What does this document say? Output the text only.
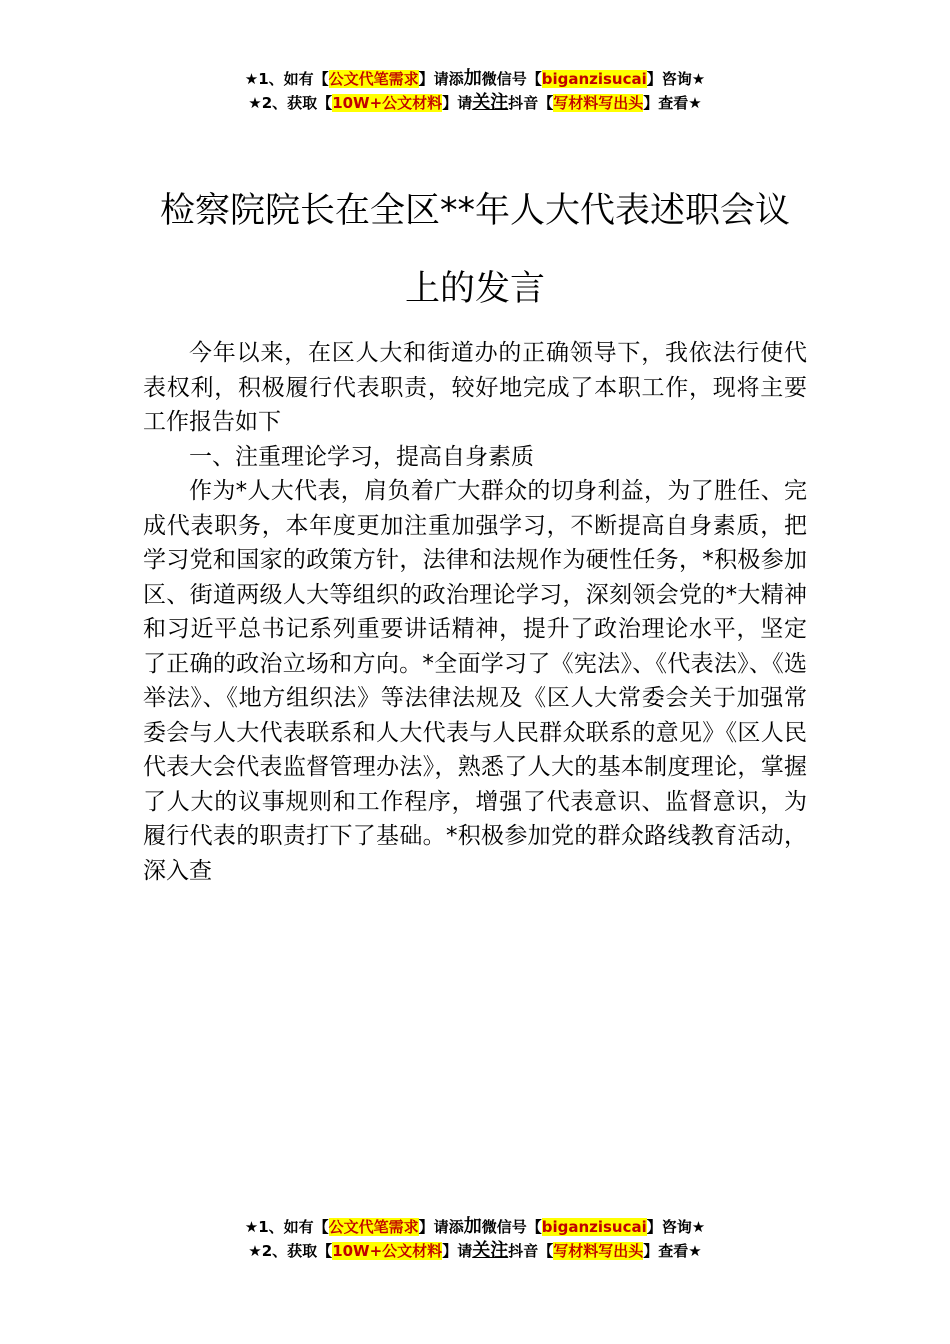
★1、如有【公文代笔需求】请添加微信号【biganzisucai】咨询★
★2、获取【10W+公文材料】请关注抖音【写材料写出头】查看★
检察院院长在全区**年人大代表述职会议
上的发言

今年以来，在区人大和街道办的正确领导下，我依法行使代表权利，积极履行代表职责，较好地完成了本职工作，现将主要工作报告如下

一、注重理论学习，提高自身素质

作为*人大代表，肩负着广大群众的切身利益，为了胜任、完成代表职务，本年度更加注重加强学习，不断提高自身素质，把学习党和国家的政策方针，法律和法规作为硬性任务，*积极参加区、街道两级人大等组织的政治理论学习，深刻领会党的*大精神和习近平总书记系列重要讲话精神，提升了政治理论水平，坚定了正确的政治立场和方向。*全面学习了《宪法》、《代表法》、《选举法》、《地方组织法》等法律法规及《区人大常委会关于加强常委会与人大代表联系和人大代表与人民群众联系的意见》《区人民代表大会代表监督管理办法》，熟悉了人大的基本制度理论，掌握了人大的议事规则和工作程序，增强了代表意识、监督意识，为履行代表的职责打下了基础。*积极参加党的群众路线教育活动，深入查

★1、如有【公文代笔需求】请添加微信号【biganzisucai】咨询★
★2、获取【10W+公文材料】请关注抖音【写材料写出头】查看★
